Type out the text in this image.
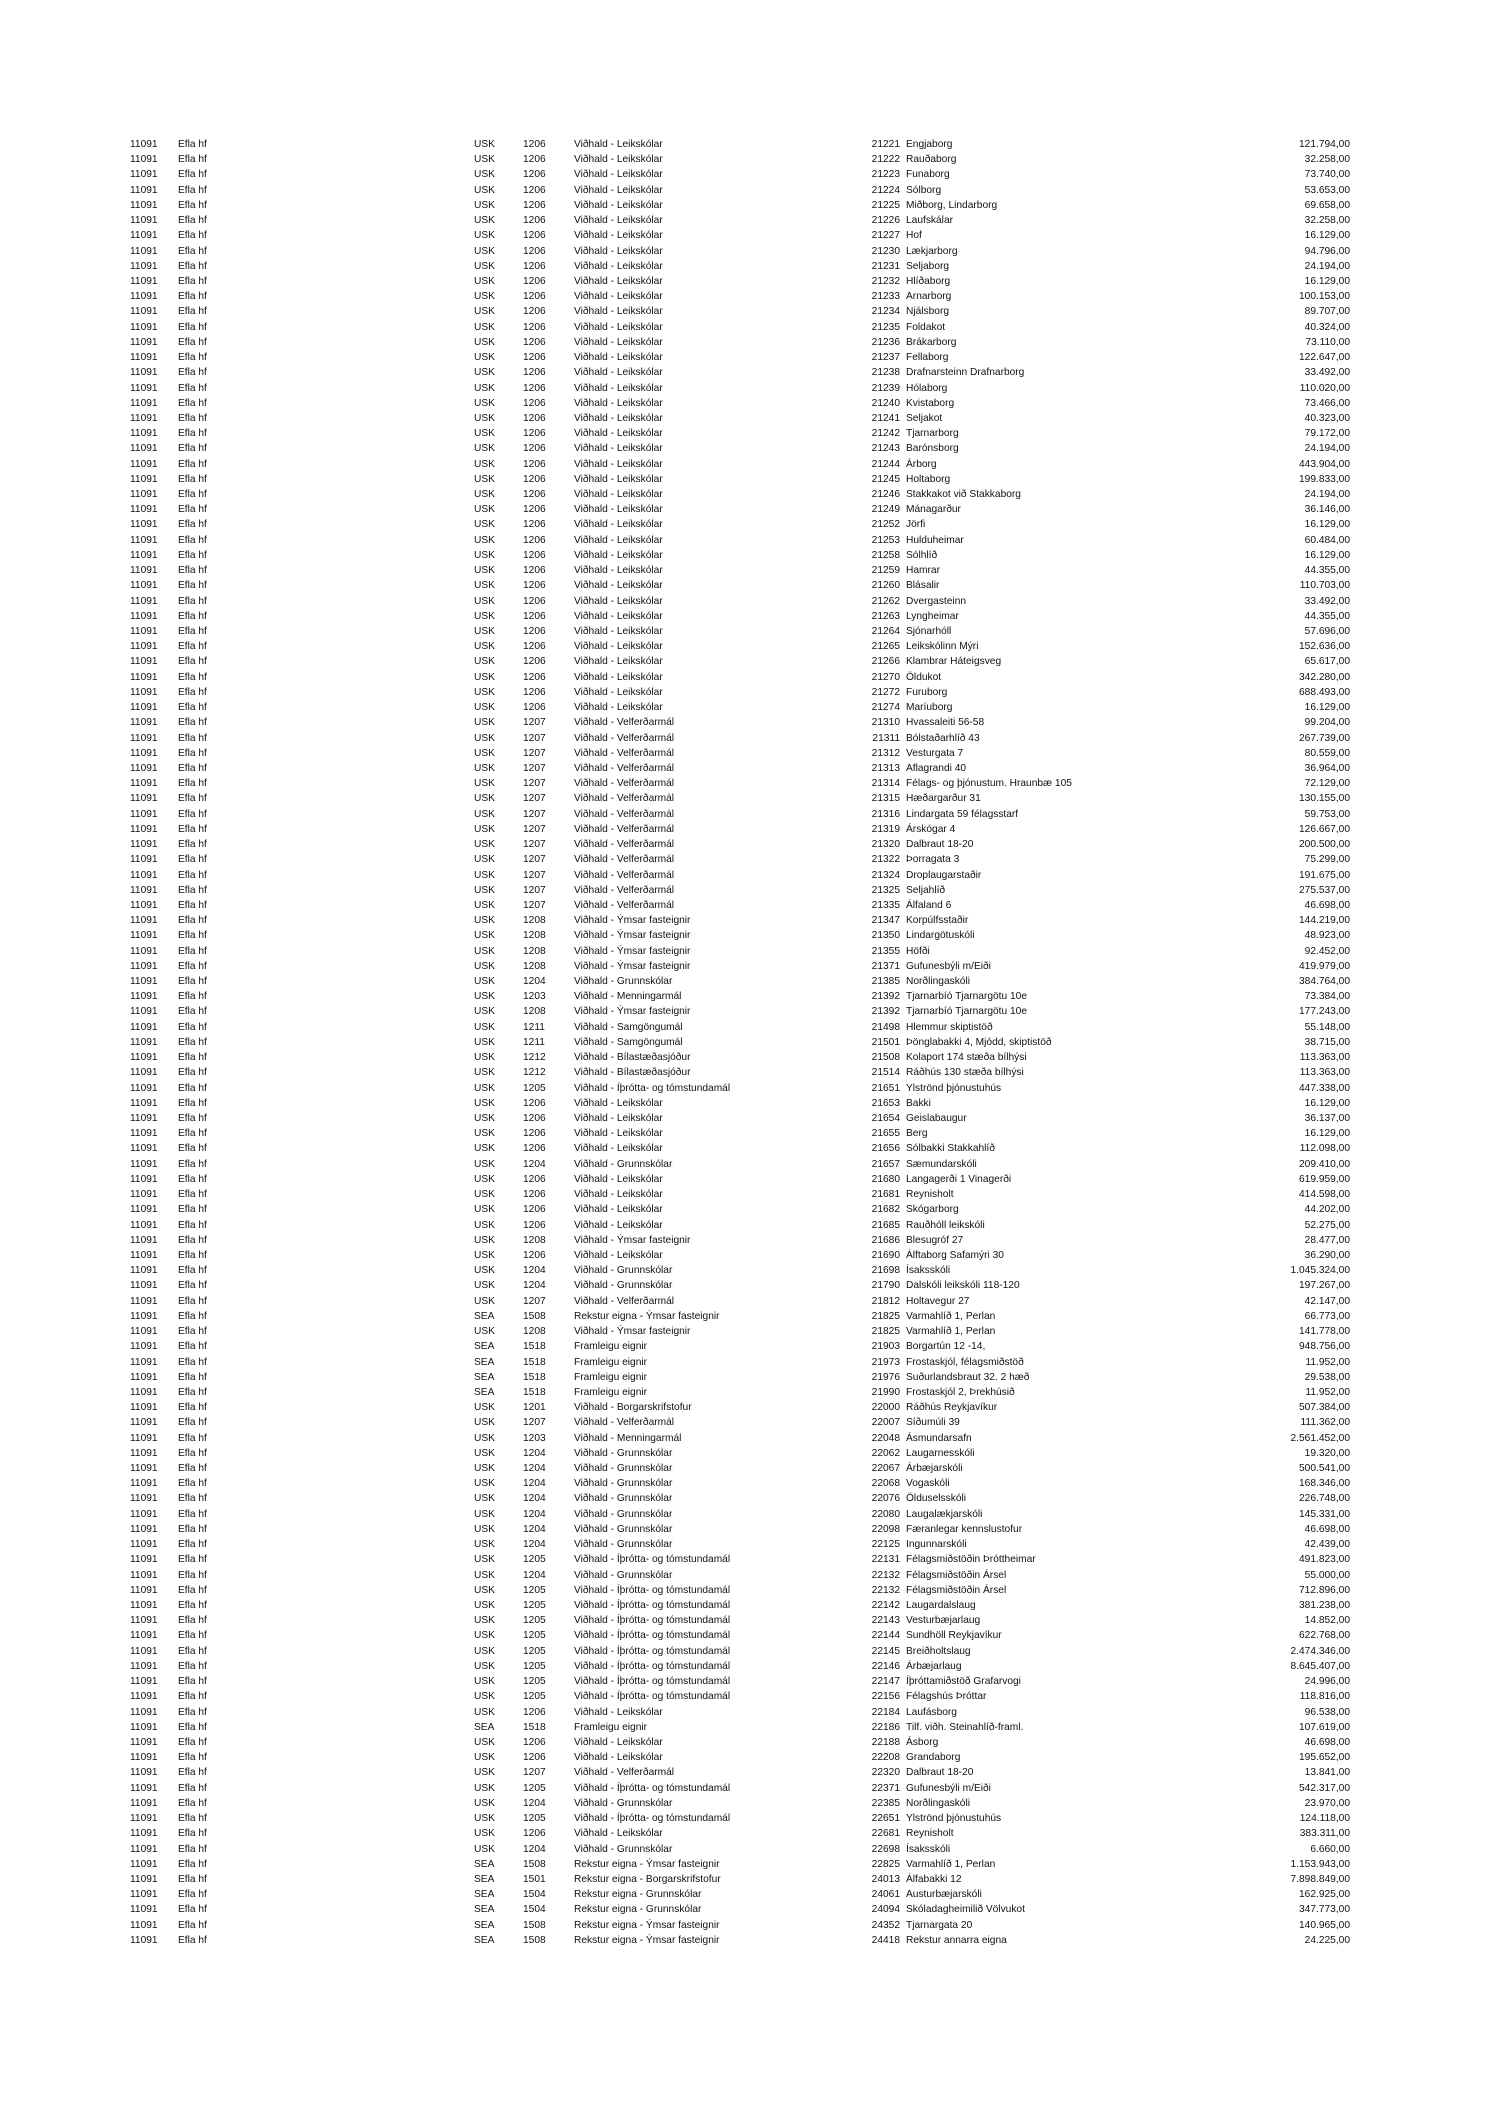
11091 Efla hf	USK	1206	Viðhald - Leikskólar	21221 Engjaborg	121.794,00
11091 Efla hf	USK	1206	Viðhald - Leikskólar	21222 Rauðaborg	32.258,00
11091 Efla hf	USK	1206	Viðhald - Leikskólar	21223 Funaborg	73.740,00
11091 Efla hf	USK	1206	Viðhald - Leikskólar	21224 Sólborg	53.653,00
11091 Efla hf	USK	1206	Viðhald - Leikskólar	21225 Miðborg, Lindarborg	69.658,00
11091 Efla hf	USK	1206	Viðhald - Leikskólar	21226 Laufskálar	32.258,00
11091 Efla hf	USK	1206	Viðhald - Leikskólar	21227 Hof	16.129,00
11091 Efla hf	USK	1206	Viðhald - Leikskólar	21230 Lækjarborg	94.796,00
11091 Efla hf	USK	1206	Viðhald - Leikskólar	21231 Seljaborg	24.194,00
11091 Efla hf	USK	1206	Viðhald - Leikskólar	21232 Hlíðaborg	16.129,00
11091 Efla hf	USK	1206	Viðhald - Leikskólar	21233 Arnarborg	100.153,00
11091 Efla hf	USK	1206	Viðhald - Leikskólar	21234 Njálsborg	89.707,00
11091 Efla hf	USK	1206	Viðhald - Leikskólar	21235 Foldakot	40.324,00
11091 Efla hf	USK	1206	Viðhald - Leikskólar	21236 Brákarborg	73.110,00
11091 Efla hf	USK	1206	Viðhald - Leikskólar	21237 Fellaborg	122.647,00
11091 Efla hf	USK	1206	Viðhald - Leikskólar	21238 Drafnarsteinn Drafnarborg	33.492,00
11091 Efla hf	USK	1206	Viðhald - Leikskólar	21239 Hólaborg	110.020,00
11091 Efla hf	USK	1206	Viðhald - Leikskólar	21240 Kvistaborg	73.466,00
11091 Efla hf	USK	1206	Viðhald - Leikskólar	21241 Seljakot	40.323,00
11091 Efla hf	USK	1206	Viðhald - Leikskólar	21242 Tjarnarborg	79.172,00
11091 Efla hf	USK	1206	Viðhald - Leikskólar	21243 Barónsborg	24.194,00
11091 Efla hf	USK	1206	Viðhald - Leikskólar	21244 Árborg	443.904,00
11091 Efla hf	USK	1206	Viðhald - Leikskólar	21245 Holtaborg	199.833,00
11091 Efla hf	USK	1206	Viðhald - Leikskólar	21246 Stakkakot við Stakkaborg	24.194,00
11091 Efla hf	USK	1206	Viðhald - Leikskólar	21249 Mánagarður	36.146,00
11091 Efla hf	USK	1206	Viðhald - Leikskólar	21252 Jörfi	16.129,00
11091 Efla hf	USK	1206	Viðhald - Leikskólar	21253 Hulduheimar	60.484,00
11091 Efla hf	USK	1206	Viðhald - Leikskólar	21258 Sólhlíð	16.129,00
11091 Efla hf	USK	1206	Viðhald - Leikskólar	21259 Hamrar	44.355,00
11091 Efla hf	USK	1206	Viðhald - Leikskólar	21260 Blásalir	110.703,00
11091 Efla hf	USK	1206	Viðhald - Leikskólar	21262 Dvergasteinn	33.492,00
11091 Efla hf	USK	1206	Viðhald - Leikskólar	21263 Lyngheimar	44.355,00
11091 Efla hf	USK	1206	Viðhald - Leikskólar	21264 Sjónarhóll	57.696,00
11091 Efla hf	USK	1206	Viðhald - Leikskólar	21265 Leikskólinn Mýri	152.636,00
11091 Efla hf	USK	1206	Viðhald - Leikskólar	21266 Klambrar Háteigsveg	65.617,00
11091 Efla hf	USK	1206	Viðhald - Leikskólar	21270 Öldukot	342.280,00
11091 Efla hf	USK	1206	Viðhald - Leikskólar	21272 Furuborg	688.493,00
11091 Efla hf	USK	1206	Viðhald - Leikskólar	21274 Maríuborg	16.129,00
11091 Efla hf	USK	1207	Viðhald - Velferðarmál	21310 Hvassaleiti 56-58	99.204,00
11091 Efla hf	USK	1207	Viðhald - Velferðarmál	21311 Bólstaðarhlíð 43	267.739,00
11091 Efla hf	USK	1207	Viðhald - Velferðarmál	21312 Vesturgata 7	80.559,00
11091 Efla hf	USK	1207	Viðhald - Velferðarmál	21313 Aflagrandi 40	36.964,00
11091 Efla hf	USK	1207	Viðhald - Velferðarmál	21314 Félags- og þjónustum. Hraunbæ 105	72.129,00
11091 Efla hf	USK	1207	Viðhald - Velferðarmál	21315 Hæðargarður 31	130.155,00
11091 Efla hf	USK	1207	Viðhald - Velferðarmál	21316 Lindargata 59 félagsstarf	59.753,00
11091 Efla hf	USK	1207	Viðhald - Velferðarmál	21319 Árskógar 4	126.667,00
11091 Efla hf	USK	1207	Viðhald - Velferðarmál	21320 Dalbraut 18-20	200.500,00
11091 Efla hf	USK	1207	Viðhald - Velferðarmál	21322 Þorragata 3	75.299,00
11091 Efla hf	USK	1207	Viðhald - Velferðarmál	21324 Droplaugarstaðir	191.675,00
11091 Efla hf	USK	1207	Viðhald - Velferðarmál	21325 Seljahlíð	275.537,00
11091 Efla hf	USK	1207	Viðhald - Velferðarmál	21335 Álfaland 6	46.698,00
11091 Efla hf	USK	1208	Viðhald - Ýmsar fasteignir	21347 Korpúlfsstaðir	144.219,00
11091 Efla hf	USK	1208	Viðhald - Ýmsar fasteignir	21350 Lindargötuskóli	48.923,00
11091 Efla hf	USK	1208	Viðhald - Ýmsar fasteignir	21355 Höfði	92.452,00
11091 Efla hf	USK	1208	Viðhald - Ýmsar fasteignir	21371 Gufunesbýli m/Eiði	419.979,00
11091 Efla hf	USK	1204	Viðhald - Grunnskólar	21385 Norðlingaskóli	384.764,00
11091 Efla hf	USK	1203	Viðhald - Menningarmál	21392 Tjarnarbíó Tjarnargötu 10e	73.384,00
11091 Efla hf	USK	1208	Viðhald - Ýmsar fasteignir	21392 Tjarnarbíó Tjarnargötu 10e	177.243,00
11091 Efla hf	USK	1211	Viðhald - Samgöngumál	21498 Hlemmur skiptistöð	55.148,00
11091 Efla hf	USK	1211	Viðhald - Samgöngumál	21501 Þönglabakki 4, Mjódd, skiptistöð	38.715,00
11091 Efla hf	USK	1212	Viðhald - Bílastæðasjóður	21508 Kolaport 174 stæða bílhýsi	113.363,00
11091 Efla hf	USK	1212	Viðhald - Bílastæðasjóður	21514 Ráðhús 130 stæða bílhýsi	113.363,00
11091 Efla hf	USK	1205	Viðhald - Íþrótta- og tómstundamál	21651 Ylströnd þjónustuhús	447.338,00
11091 Efla hf	USK	1206	Viðhald - Leikskólar	21653 Bakki	16.129,00
11091 Efla hf	USK	1206	Viðhald - Leikskólar	21654 Geislabaugur	36.137,00
11091 Efla hf	USK	1206	Viðhald - Leikskólar	21655 Berg	16.129,00
11091 Efla hf	USK	1206	Viðhald - Leikskólar	21656 Sólbakki Stakkahlíð	112.098,00
11091 Efla hf	USK	1204	Viðhald - Grunnskólar	21657 Sæmundarskóli	209.410,00
11091 Efla hf	USK	1206	Viðhald - Leikskólar	21680 Langagerði 1 Vinagerði	619.959,00
11091 Efla hf	USK	1206	Viðhald - Leikskólar	21681 Reynisholt	414.598,00
11091 Efla hf	USK	1206	Viðhald - Leikskólar	21682 Skógarborg	44.202,00
11091 Efla hf	USK	1206	Viðhald - Leikskólar	21685 Rauðhóll leikskóli	52.275,00
11091 Efla hf	USK	1208	Viðhald - Ýmsar fasteignir	21686 Blesugróf 27	28.477,00
11091 Efla hf	USK	1206	Viðhald - Leikskólar	21690 Álftaborg Safamýri 30	36.290,00
11091 Efla hf	USK	1204	Viðhald - Grunnskólar	21698 Ísaksskóli	1.045.324,00
11091 Efla hf	USK	1204	Viðhald - Grunnskólar	21790 Dalskóli leikskóli 118-120	197.267,00
11091 Efla hf	USK	1207	Viðhald - Velferðarmál	21812 Holtavegur 27	42.147,00
11091 Efla hf	SEA	1508	Rekstur eigna - Ýmsar fasteignir	21825 Varmahlíð 1, Perlan	66.773,00
11091 Efla hf	USK	1208	Viðhald - Ýmsar fasteignir	21825 Varmahlíð 1, Perlan	141.778,00
11091 Efla hf	SEA	1518	Framleigu eignir	21903 Borgartún 12 -14,	948.756,00
11091 Efla hf	SEA	1518	Framleigu eignir	21973 Frostaskjól, félagsmiðstöð	11.952,00
11091 Efla hf	SEA	1518	Framleigu eignir	21976 Suðurlandsbraut 32. 2 hæð	29.538,00
11091 Efla hf	SEA	1518	Framleigu eignir	21990 Frostaskjól 2, Þrekhúsið	11.952,00
11091 Efla hf	USK	1201	Viðhald - Borgarskrifstofur	22000 Ráðhús Reykjavíkur	507.384,00
11091 Efla hf	USK	1207	Viðhald - Velferðarmál	22007 Síðumúli 39	111.362,00
11091 Efla hf	USK	1203	Viðhald - Menningarmál	22048 Ásmundarsafn	2.561.452,00
11091 Efla hf	USK	1204	Viðhald - Grunnskólar	22062 Laugarnesskóli	19.320,00
11091 Efla hf	USK	1204	Viðhald - Grunnskólar	22067 Árbæjarskóli	500.541,00
11091 Efla hf	USK	1204	Viðhald - Grunnskólar	22068 Vogaskóli	168.346,00
11091 Efla hf	USK	1204	Viðhald - Grunnskólar	22076 Ölduselsskóli	226.748,00
11091 Efla hf	USK	1204	Viðhald - Grunnskólar	22080 Laugalækjarskóli	145.331,00
11091 Efla hf	USK	1204	Viðhald - Grunnskólar	22098 Færanlegar kennslustofur	46.698,00
11091 Efla hf	USK	1204	Viðhald - Grunnskólar	22125 Ingunnarskóli	42.439,00
11091 Efla hf	USK	1205	Viðhald - Íþrótta- og tómstundamál	22131 Félagsmiðstöðin Þróttheimar	491.823,00
11091 Efla hf	USK	1204	Viðhald - Grunnskólar	22132 Félagsmiðstöðin Ársel	55.000,00
11091 Efla hf	USK	1205	Viðhald - Íþrótta- og tómstundamál	22132 Félagsmiðstöðin Ársel	712.896,00
11091 Efla hf	USK	1205	Viðhald - Íþrótta- og tómstundamál	22142 Laugardalslaug	381.238,00
11091 Efla hf	USK	1205	Viðhald - Íþrótta- og tómstundamál	22143 Vesturbæjarlaug	14.852,00
11091 Efla hf	USK	1205	Viðhald - Íþrótta- og tómstundamál	22144 Sundhöll Reykjavíkur	622.768,00
11091 Efla hf	USK	1205	Viðhald - Íþrótta- og tómstundamál	22145 Breiðholtslaug	2.474.346,00
11091 Efla hf	USK	1205	Viðhald - Íþrótta- og tómstundamál	22146 Árbæjarlaug	8.645.407,00
11091 Efla hf	USK	1205	Viðhald - Íþrótta- og tómstundamál	22147 Íþróttamiðstöð Grafarvogi	24.996,00
11091 Efla hf	USK	1205	Viðhald - Íþrótta- og tómstundamál	22156 Félagshús Þróttar	118.816,00
11091 Efla hf	USK	1206	Viðhald - Leikskólar	22184 Laufásborg	96.538,00
11091 Efla hf	SEA	1518	Framleigu eignir	22186 Tilf. viðh. Steinahlíð-framl.	107.619,00
11091 Efla hf	USK	1206	Viðhald - Leikskólar	22188 Ásborg	46.698,00
11091 Efla hf	USK	1206	Viðhald - Leikskólar	22208 Grandaborg	195.652,00
11091 Efla hf	USK	1207	Viðhald - Velferðarmál	22320 Dalbraut 18-20	13.841,00
11091 Efla hf	USK	1205	Viðhald - Íþrótta- og tómstundamál	22371 Gufunesbýli m/Eiði	542.317,00
11091 Efla hf	USK	1204	Viðhald - Grunnskólar	22385 Norðlingaskóli	23.970,00
11091 Efla hf	USK	1205	Viðhald - Íþrótta- og tómstundamál	22651 Ylströnd þjónustuhús	124.118,00
11091 Efla hf	USK	1206	Viðhald - Leikskólar	22681 Reynisholt	383.311,00
11091 Efla hf	USK	1204	Viðhald - Grunnskólar	22698 Ísaksskóli	6.660,00
11091 Efla hf	SEA	1508	Rekstur eigna - Ýmsar fasteignir	22825 Varmahlíð 1, Perlan	1.153.943,00
11091 Efla hf	SEA	1501	Rekstur eigna - Borgarskrifstofur	24013 Álfabakki 12	7.898.849,00
11091 Efla hf	SEA	1504	Rekstur eigna - Grunnskólar	24061 Austurbæjarskóli	162.925,00
11091 Efla hf	SEA	1504	Rekstur eigna - Grunnskólar	24094 Skóladagheimilið Völvukot	347.773,00
11091 Efla hf	SEA	1508	Rekstur eigna - Ýmsar fasteignir	24352 Tjarnargata 20	140.965,00
11091 Efla hf	SEA	1508	Rekstur eigna - Ýmsar fasteignir	24418 Rekstur annarra eigna	24.225,00
